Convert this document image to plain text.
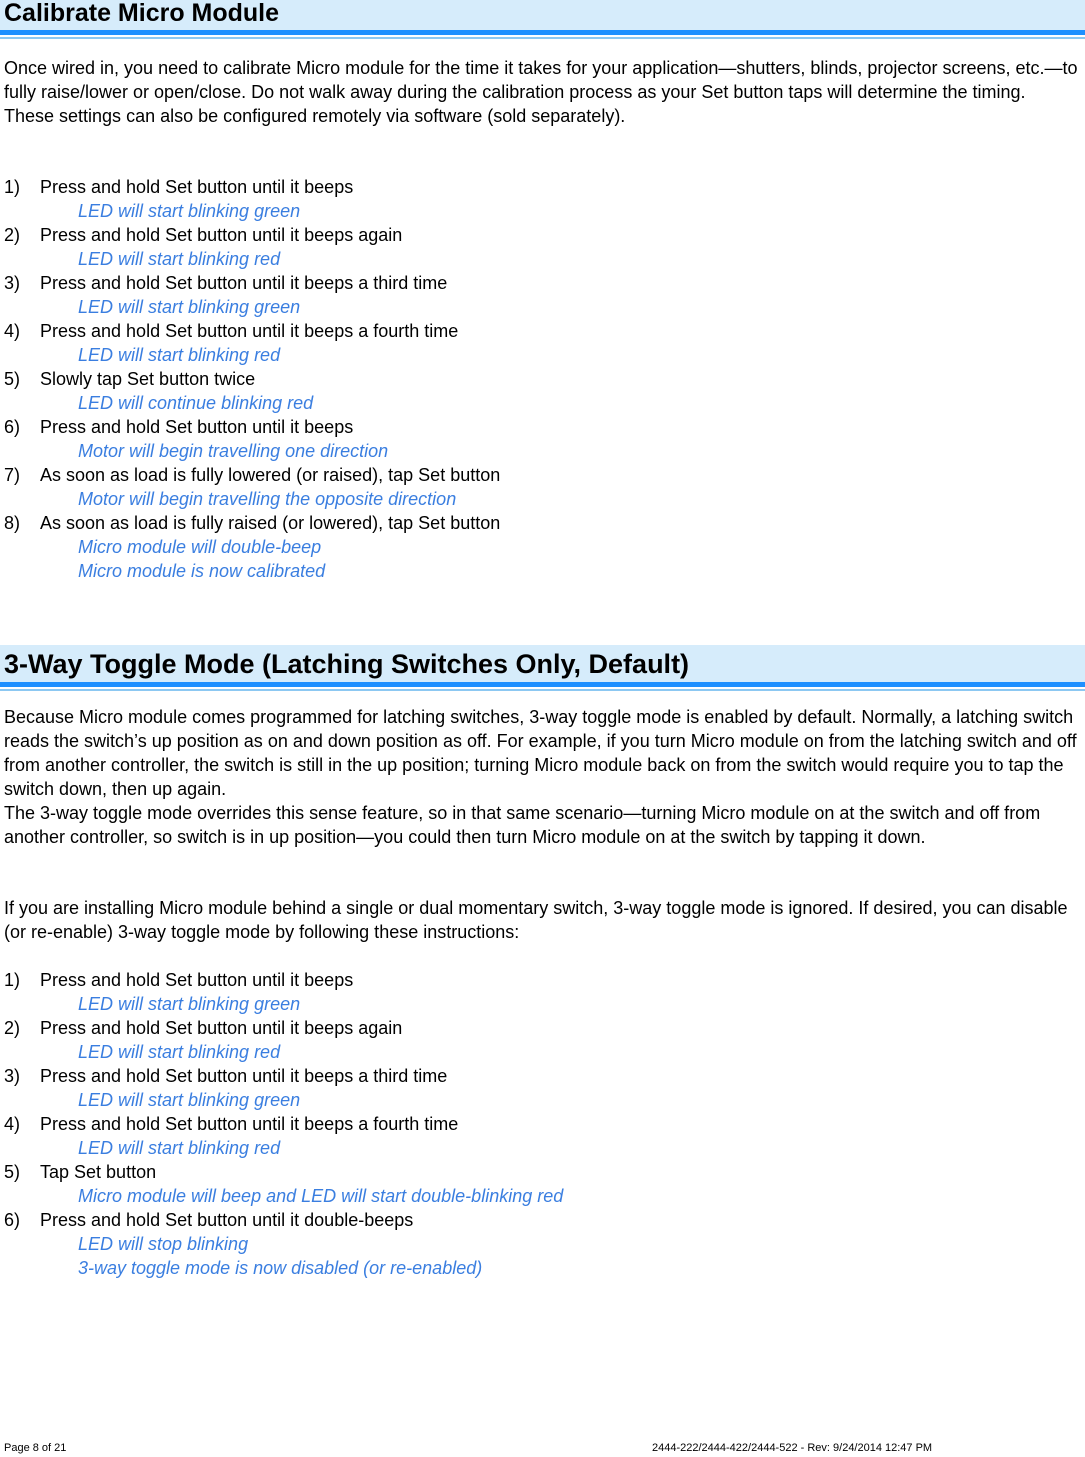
Calibrate Micro Module

Once wired in, you need to calibrate Micro module for the time it takes for your application—shutters, blinds, projector screens, etc.—to fully raise/lower or open/close. Do not walk away during the calibration process as your Set button taps will determine the timing. These settings can also be configured remotely via software (sold separately).

1) Press and hold Set button until it beeps
LED will start blinking green
2) Press and hold Set button until it beeps again
LED will start blinking red
3) Press and hold Set button until it beeps a third time
LED will start blinking green
4) Press and hold Set button until it beeps a fourth time
LED will start blinking red
5) Slowly tap Set button twice
LED will continue blinking red
6) Press and hold Set button until it beeps
Motor will begin travelling one direction
7) As soon as load is fully lowered (or raised), tap Set button
Motor will begin travelling the opposite direction
8) As soon as load is fully raised (or lowered), tap Set button
Micro module will double-beep
Micro module is now calibrated
3-Way Toggle Mode (Latching Switches Only, Default)

Because Micro module comes programmed for latching switches, 3-way toggle mode is enabled by default. Normally, a latching switch reads the switch’s up position as on and down position as off. For example, if you turn Micro module on from the latching switch and off from another controller, the switch is still in the up position; turning Micro module back on from the switch would require you to tap the switch down, then up again.

The 3-way toggle mode overrides this sense feature, so in that same scenario—turning Micro module on at the switch and off from another controller, so switch is in up position—you could then turn Micro module on at the switch by tapping it down.

If you are installing Micro module behind a single or dual momentary switch, 3-way toggle mode is ignored. If desired, you can disable (or re-enable) 3-way toggle mode by following these instructions:

1) Press and hold Set button until it beeps
LED will start blinking green
2) Press and hold Set button until it beeps again
LED will start blinking red
3) Press and hold Set button until it beeps a third time
LED will start blinking green
4) Press and hold Set button until it beeps a fourth time
LED will start blinking red
5) Tap Set button
Micro module will beep and LED will start double-blinking red
6) Press and hold Set button until it double-beeps
LED will stop blinking
3-way toggle mode is now disabled (or re-enabled)
Page 8 of 21	2444-222/2444-422/2444-522 - Rev: 9/24/2014 12:47 PM
